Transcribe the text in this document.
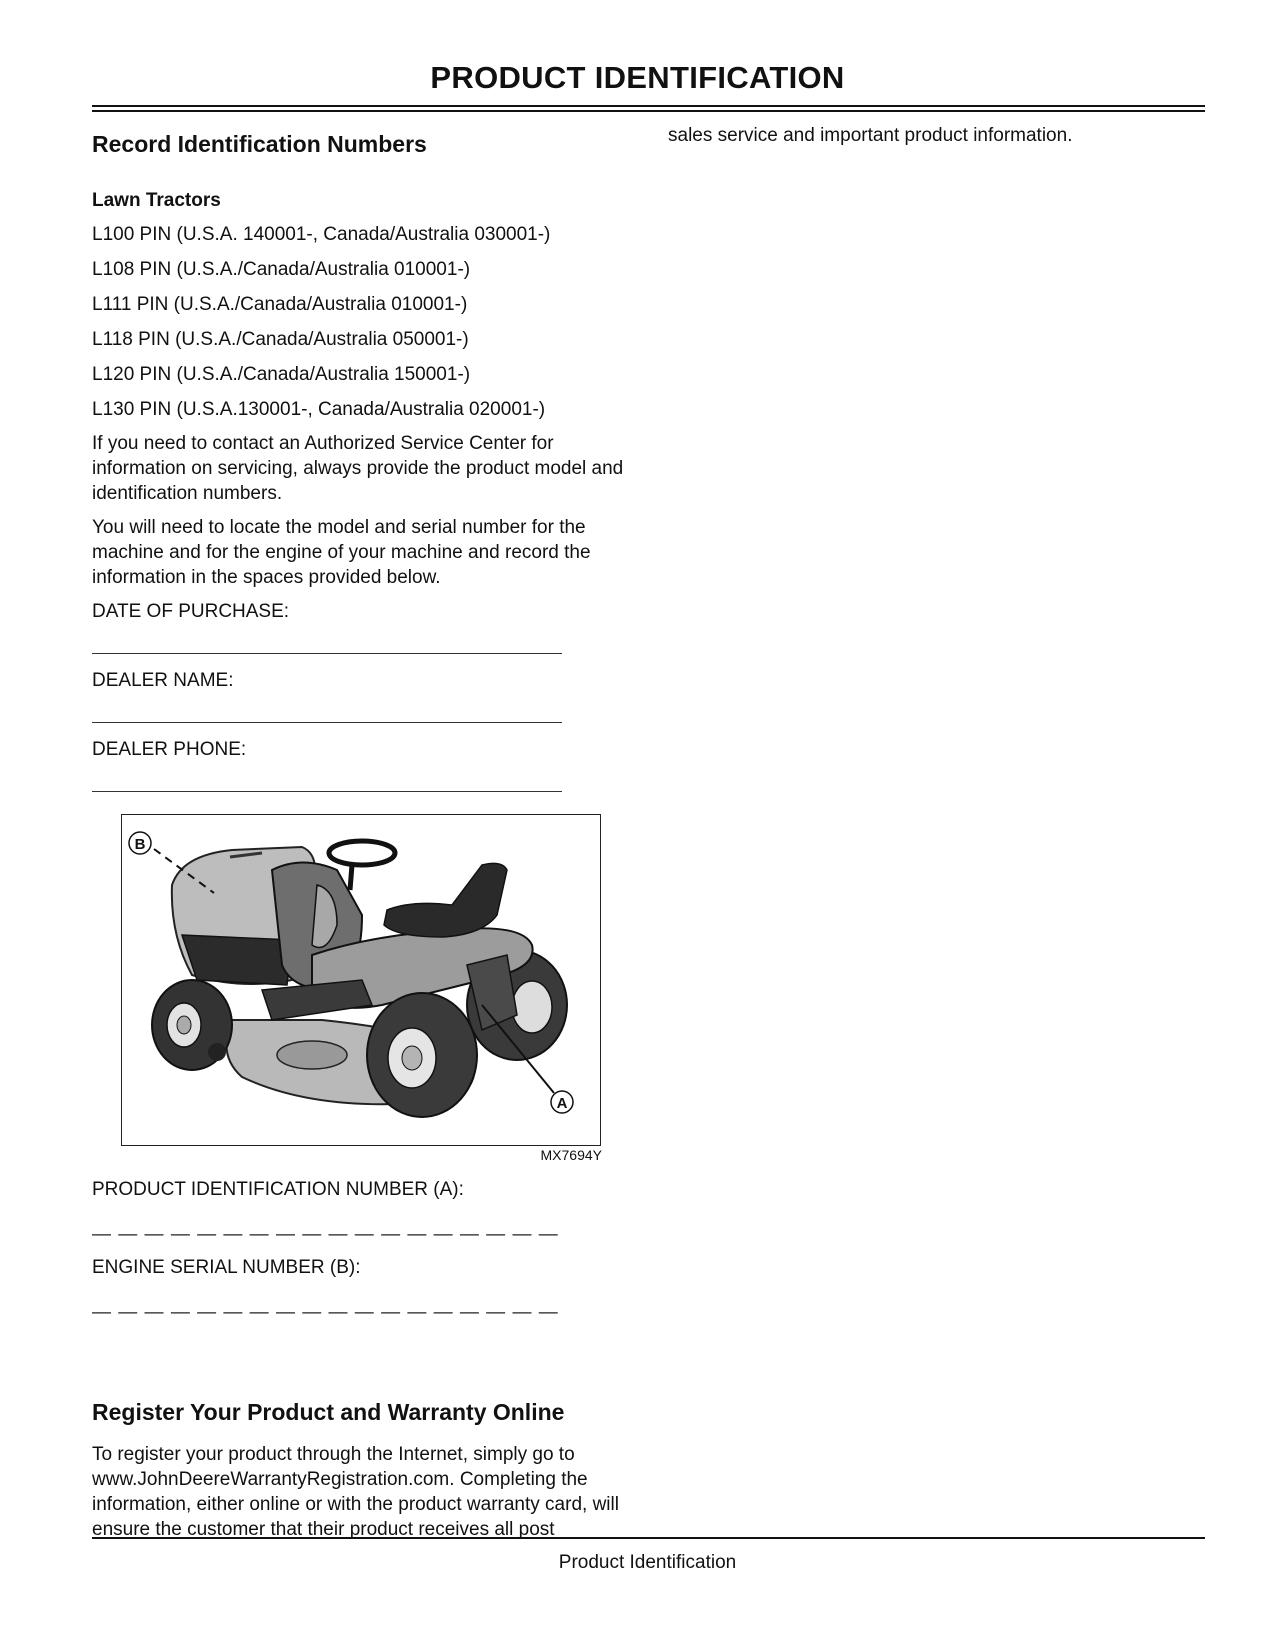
PRODUCT IDENTIFICATION
Record Identification Numbers
Lawn Tractors

L100 PIN (U.S.A. 140001-, Canada/Australia 030001-)

L108 PIN (U.S.A./Canada/Australia 010001-)

L111 PIN (U.S.A./Canada/Australia 010001-)

L118 PIN (U.S.A./Canada/Australia 050001-)

L120 PIN (U.S.A./Canada/Australia 150001-)

L130 PIN (U.S.A.130001-, Canada/Australia 020001-)

If you need to contact an Authorized Service Center for information on servicing, always provide the product model and identification numbers.

You will need to locate the model and serial number for the machine and for the engine of your machine and record the information in the spaces provided below.

DATE OF PURCHASE:

DEALER NAME:

DEALER PHONE:

B
A

MX7694Y

PRODUCT IDENTIFICATION NUMBER (A):

— — — — — — — — — — — — — — — — — —

ENGINE SERIAL NUMBER (B):

— — — — — — — — — — — — — — — — — —

Register Your Product and Warranty Online

To register your product through the Internet, simply go to www.JohnDeereWarrantyRegistration.com. Completing the information, either online or with the product warranty card, will ensure the customer that their product receives all post

sales service and important product information.

Product Identification
